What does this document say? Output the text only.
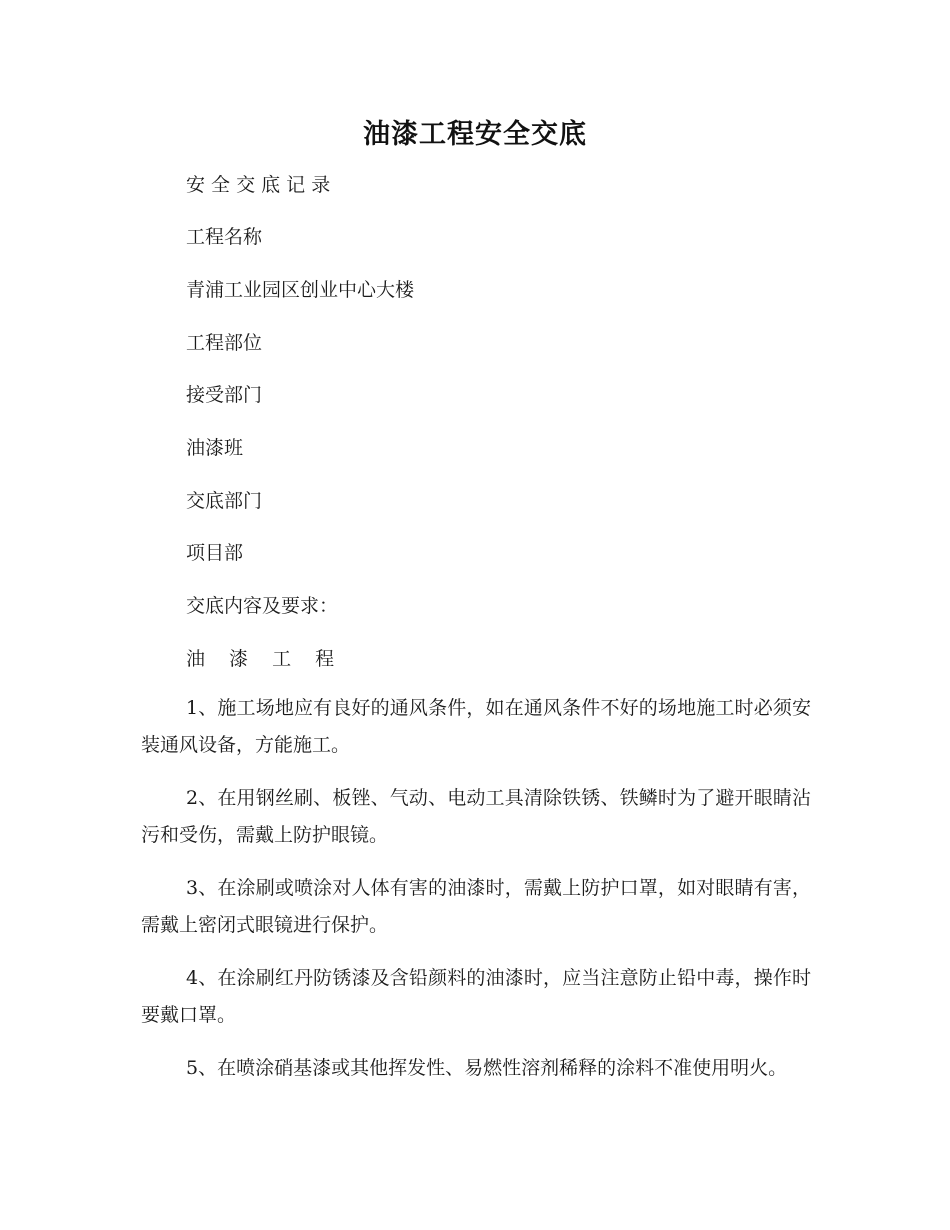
油漆工程安全交底

安 全 交 底 记 录

工程名称

青浦工业园区创业中心大楼

工程部位

接受部门

油漆班

交底部门

项目部

交底内容及要求：

油 漆 工 程

1、施工场地应有良好的通风条件，如在通风条件不好的场地施工时必须安装通风设备，方能施工。

2、在用钢丝刷、板锉、气动、电动工具清除铁锈、铁鳞时为了避开眼睛沾污和受伤，需戴上防护眼镜。

3、在涂刷或喷涂对人体有害的油漆时，需戴上防护口罩，如对眼睛有害，需戴上密闭式眼镜进行保护。

4、在涂刷红丹防锈漆及含铅颜料的油漆时，应当注意防止铅中毒，操作时要戴口罩。

5、在喷涂硝基漆或其他挥发性、易燃性溶剂稀释的涂料不准使用明火。
